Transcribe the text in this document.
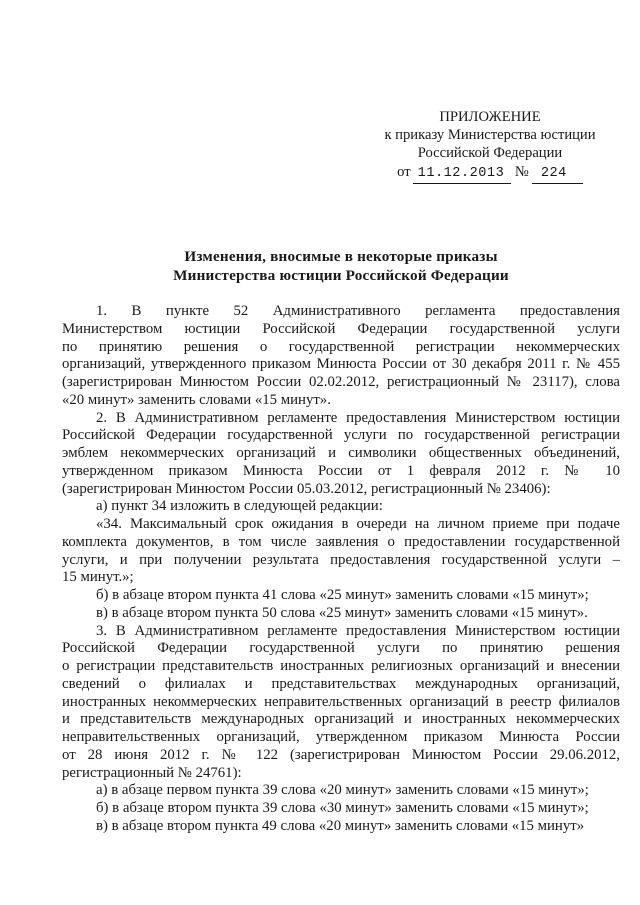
ПРИЛОЖЕНИЕ
к приказу Министерства юстиции
Российской Федерации
от 11.12.2013 № 224
Изменения, вносимые в некоторые приказы
Министерства юстиции Российской Федерации
1. В пункте 52 Административного регламента предоставления
Министерством юстиции Российской Федерации государственной услуги
по принятию решения о государственной регистрации некоммерческих
организаций, утвержденного приказом Минюста России от 30 декабря 2011 г. № 455
(зарегистрирован Минюстом России 02.02.2012, регистрационный № 23117), слова
«20 минут» заменить словами «15 минут».
2. В Административном регламенте предоставления Министерством юстиции
Российской Федерации государственной услуги по государственной регистрации
эмблем некоммерческих организаций и символики общественных объединений,
утвержденном приказом Минюста России от 1 февраля 2012 г. № 10
(зарегистрирован Минюстом России 05.03.2012, регистрационный № 23406):
а) пункт 34 изложить в следующей редакции:
«34. Максимальный срок ожидания в очереди на личном приеме при подаче
комплекта документов, в том числе заявления о предоставлении государственной
услуги, и при получении результата предоставления государственной услуги –
15 минут.»;
б) в абзаце втором пункта 41 слова «25 минут» заменить словами «15 минут»;
в) в абзаце втором пункта 50 слова «25 минут» заменить словами «15 минут».
3. В Административном регламенте предоставления Министерством юстиции
Российской Федерации государственной услуги по принятию решения
о регистрации представительств иностранных религиозных организаций и внесении
сведений о филиалах и представительствах международных организаций,
иностранных некоммерческих неправительственных организаций в реестр филиалов
и представительств международных организаций и иностранных некоммерческих
неправительственных организаций, утвержденном приказом Минюста России
от 28 июня 2012 г. № 122 (зарегистрирован Минюстом России 29.06.2012,
регистрационный № 24761):
а) в абзаце первом пункта 39 слова «20 минут» заменить словами «15 минут»;
б) в абзаце втором пункта 39 слова «30 минут» заменить словами «15 минут»;
в) в абзаце втором пункта 49 слова «20 минут» заменить словами «15 минут»
